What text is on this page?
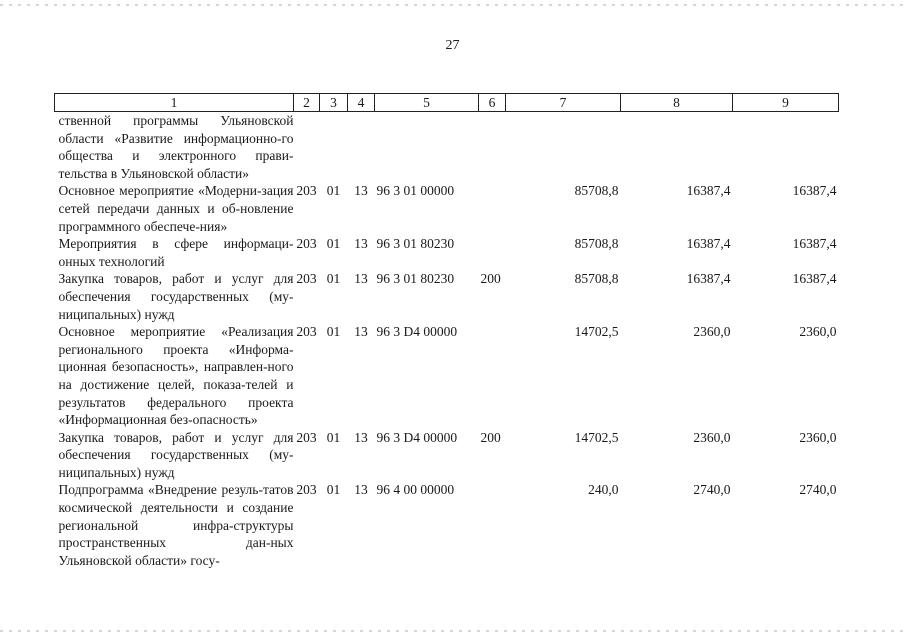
27
1	2	3	4	5	6	7	8	9
ственной программы Ульяновской области «Развитие информационно-го общества и электронного прави-тельства в Ульяновской области»								
Основное мероприятие «Модерни-зация сетей передачи данных и об-новление программного обеспече-ния»	203	01	13	96 3 01 00000		85708,8	16387,4	16387,4
Мероприятия в сфере информаци-онных технологий	203	01	13	96 3 01 80230		85708,8	16387,4	16387,4
Закупка товаров, работ и услуг для обеспечения государственных (му-ниципальных) нужд	203	01	13	96 3 01 80230	200	85708,8	16387,4	16387,4
Основное мероприятие «Реализация регионального проекта «Информа-ционная безопасность», направлен-ного на достижение целей, показа-телей и результатов федерального проекта «Информационная без-опасность»	203	01	13	96 3 D4 00000		14702,5	2360,0	2360,0
Закупка товаров, работ и услуг для обеспечения государственных (му-ниципальных) нужд	203	01	13	96 3 D4 00000	200	14702,5	2360,0	2360,0
Подпрограмма «Внедрение резуль-татов космической деятельности и создание региональной инфра-структуры пространственных дан-ных Ульяновской области» госу-	203	01	13	96 4 00 00000		240,0	2740,0	2740,0
